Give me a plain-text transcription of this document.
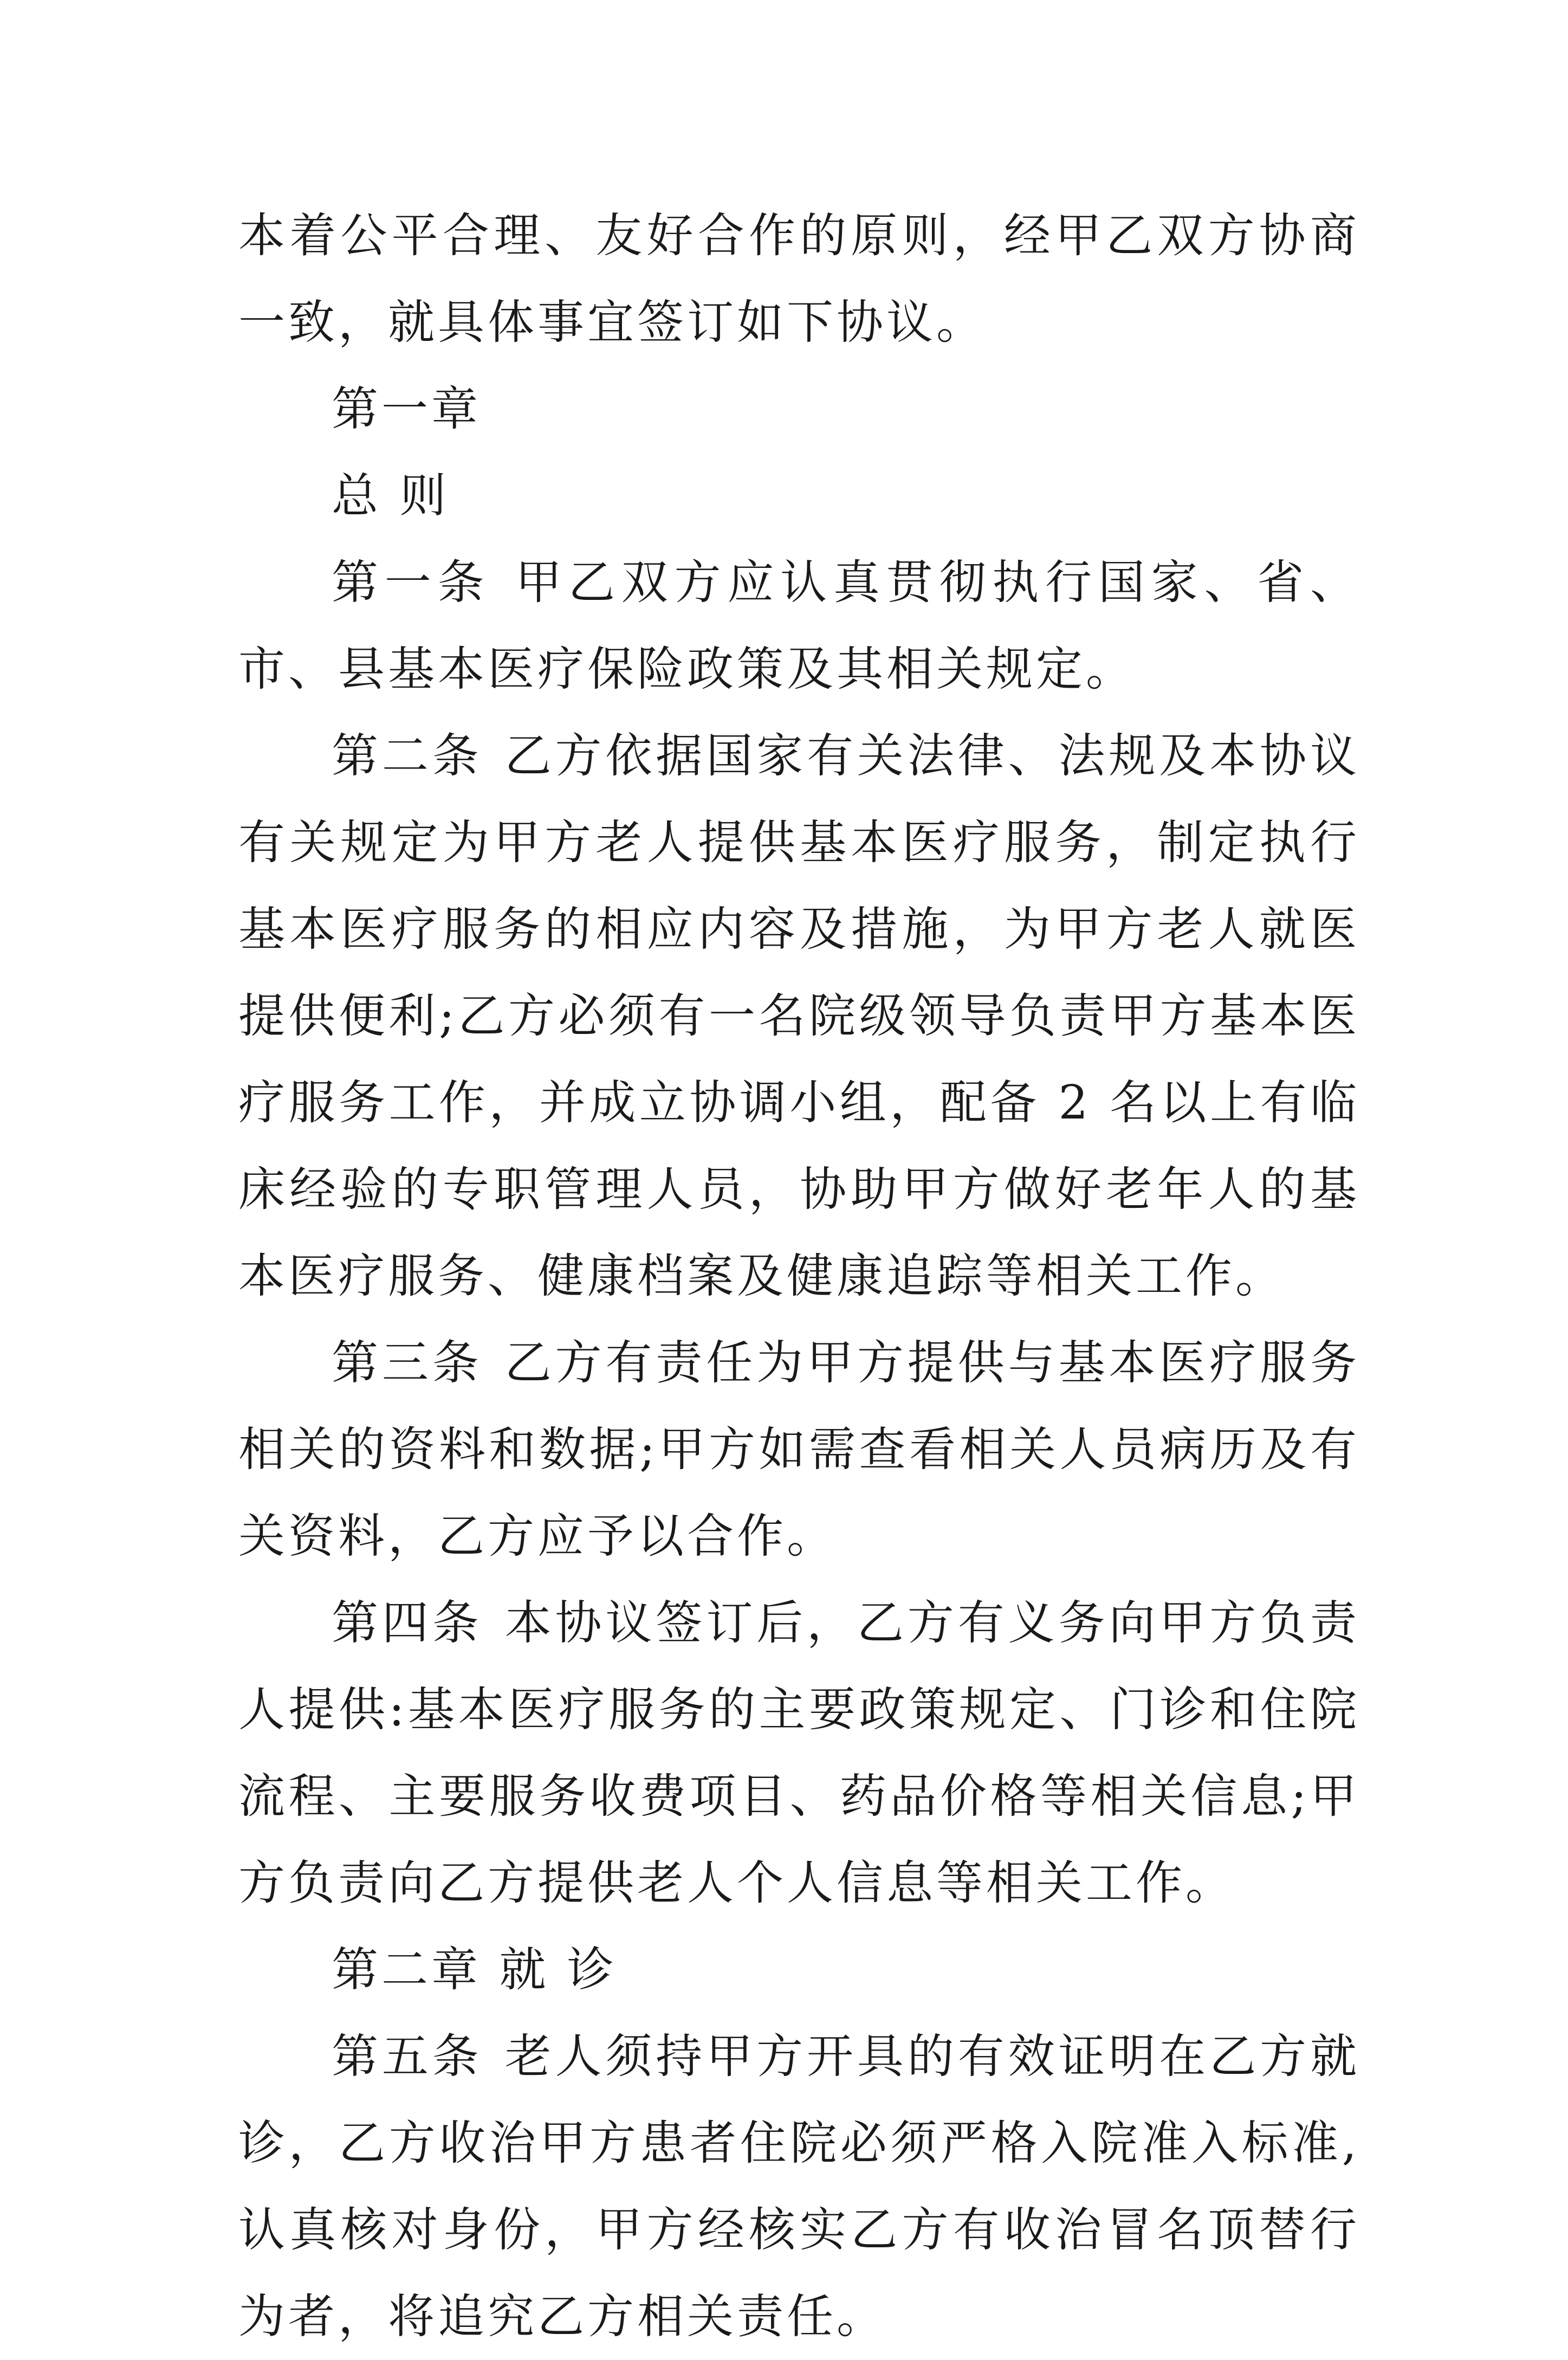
本着公平合理、友好合作的原则，经甲乙双方协商一致，就具体事宜签订如下协议。

第一章

总 则

第一条 甲乙双方应认真贯彻执行国家、省、市、县基本医疗保险政策及其相关规定。

第二条 乙方依据国家有关法律、法规及本协议有关规定为甲方老人提供基本医疗服务，制定执行基本医疗服务的相应内容及措施，为甲方老人就医提供便利;乙方必须有一名院级领导负责甲方基本医疗服务工作，并成立协调小组，配备 2 名以上有临床经验的专职管理人员，协助甲方做好老年人的基本医疗服务、健康档案及健康追踪等相关工作。

第三条 乙方有责任为甲方提供与基本医疗服务相关的资料和数据;甲方如需查看相关人员病历及有关资料，乙方应予以合作。

第四条 本协议签订后，乙方有义务向甲方负责人提供:基本医疗服务的主要政策规定、门诊和住院流程、主要服务收费项目、药品价格等相关信息;甲方负责向乙方提供老人个人信息等相关工作。

第二章 就 诊

第五条 老人须持甲方开具的有效证明在乙方就诊，乙方收治甲方患者住院必须严格入院准入标准,认真核对身份，甲方经核实乙方有收治冒名顶替行为者，将追究乙方相关责任。
